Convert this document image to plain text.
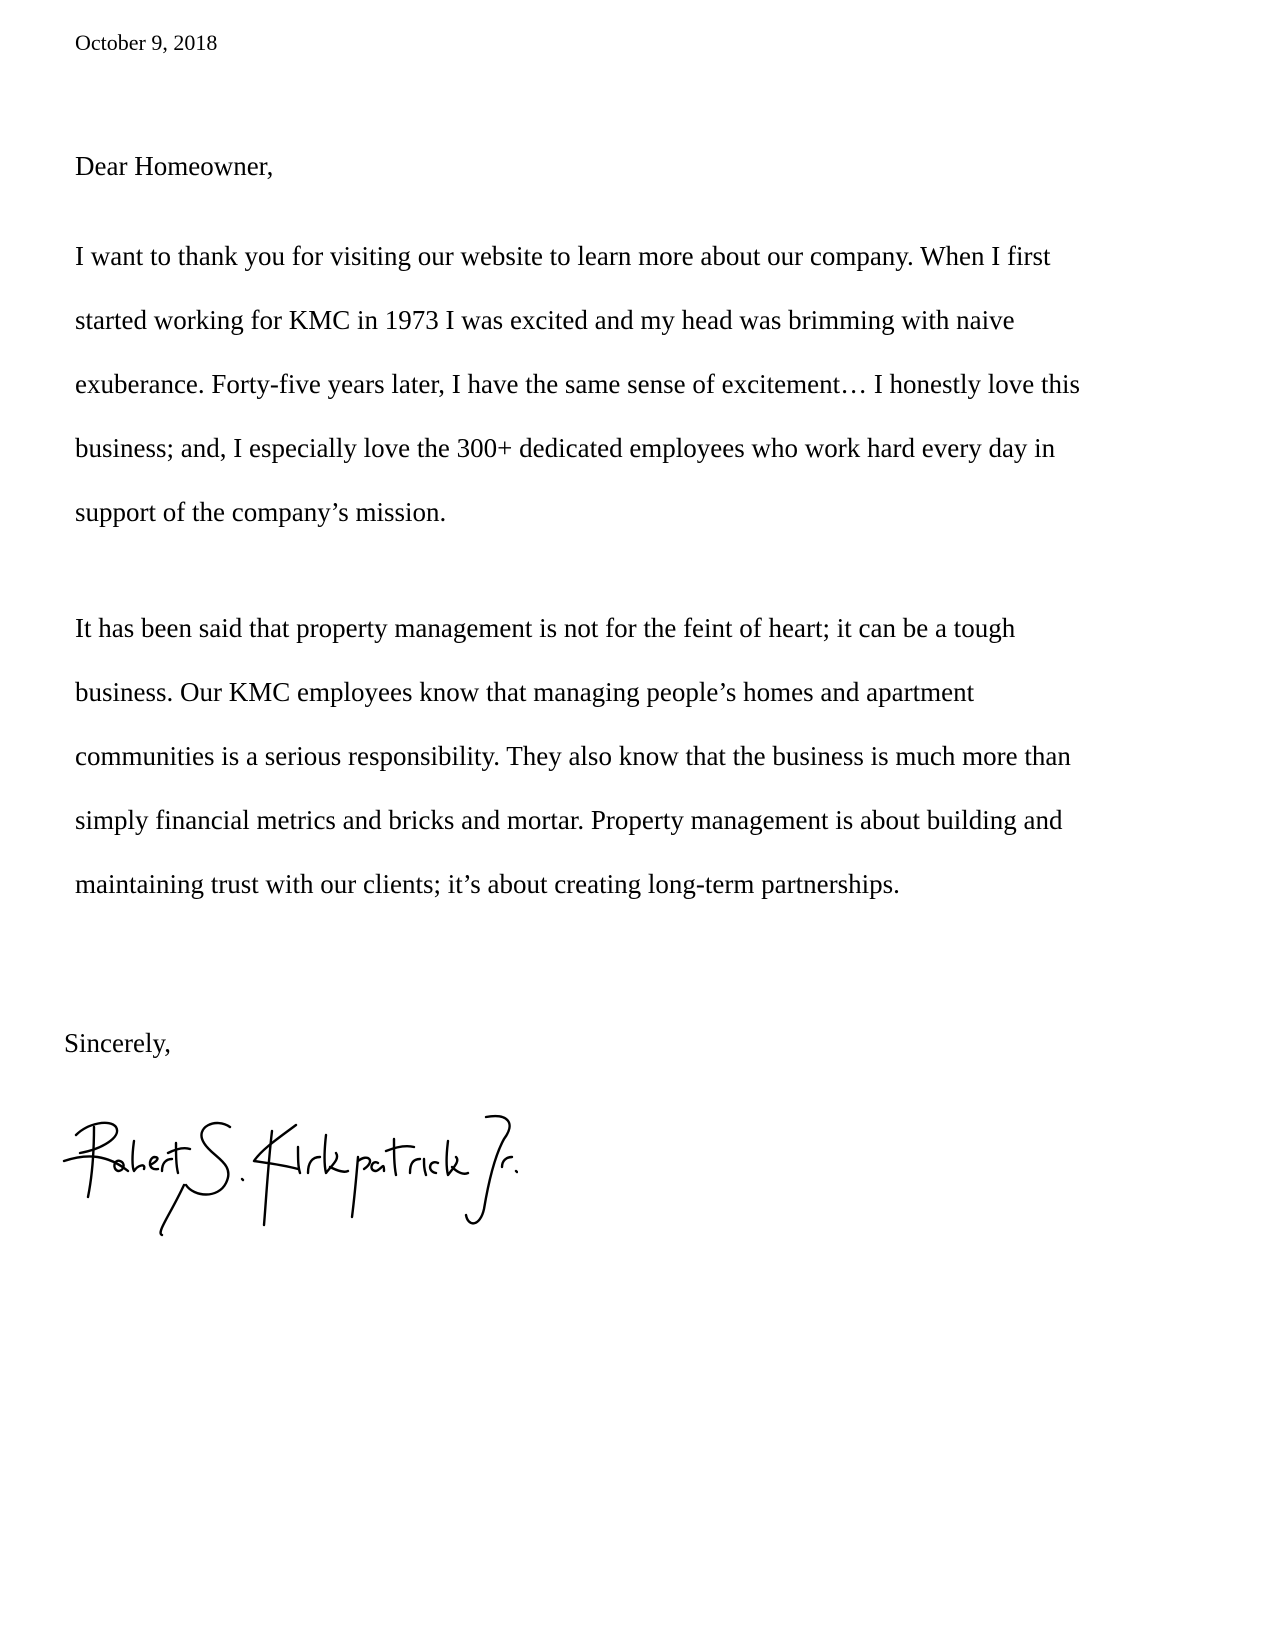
October 9, 2018
Dear Homeowner,
I want to thank you for visiting our website to learn more about our company. When I first
started working for KMC in 1973 I was excited and my head was brimming with naive
exuberance. Forty-five years later, I have the same sense of excitement… I honestly love this
business; and, I especially love the 300+ dedicated employees who work hard every day in
support of the company’s mission.
It has been said that property management is not for the feint of heart; it can be a tough
business. Our KMC employees know that managing people’s homes and apartment
communities is a serious responsibility. They also know that the business is much more than
simply financial metrics and bricks and mortar. Property management is about building and
maintaining trust with our clients; it’s about creating long-term partnerships.
Sincerely,
